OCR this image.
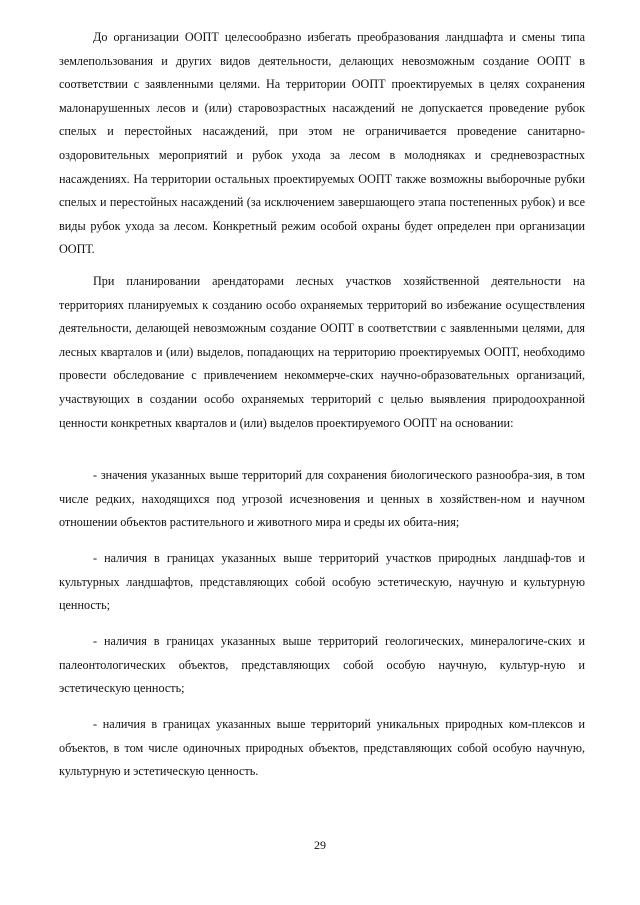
До организации ООПТ целесообразно избегать преобразования ландшафта и смены типа землепользования и других видов деятельности, делающих невозможным создание ООПТ в соответствии с заявленными целями. На территории ООПТ проектируемых в целях сохранения малонарушенных лесов и (или) старовозрастных насаждений не допускается проведение рубок спелых и перестойных насаждений, при этом не ограничивается проведение санитарно-оздоровительных мероприятий и рубок ухода за лесом в молодняках и средневозрастных насаждениях. На территории остальных проектируемых ООПТ также возможны выборочные рубки спелых и перестойных насаждений (за исключением завершающего этапа постепенных рубок) и все виды рубок ухода за лесом. Конкретный режим особой охраны будет определен при организации ООПТ.

При планировании арендаторами лесных участков хозяйственной деятельности на территориях планируемых к созданию особо охраняемых территорий во избежание осуществления деятельности, делающей невозможным создание ООПТ в соответствии с заявленными целями, для лесных кварталов и (или) выделов, попадающих на территорию проектируемых ООПТ, необходимо провести обследование с привлечением некоммерче-ских научно-образовательных организаций, участвующих в создании особо охраняемых территорий с целью выявления природоохранной ценности конкретных кварталов и (или) выделов проектируемого ООПТ на основании:

- значения указанных выше территорий для сохранения биологического разнообра-зия, в том числе редких, находящихся под угрозой исчезновения и ценных в хозяйствен-ном и научном отношении объектов растительного и животного мира и среды их обита-ния;

- наличия в границах указанных выше территорий участков природных ландшаф-тов и культурных ландшафтов, представляющих собой особую эстетическую, научную и культурную ценность;

- наличия в границах указанных выше территорий геологических, минералогиче-ских и палеонтологических объектов, представляющих собой особую научную, культур-ную и эстетическую ценность;

- наличия в границах указанных выше территорий уникальных природных ком-плексов и объектов, в том числе одиночных природных объектов, представляющих собой особую научную, культурную и эстетическую ценность.

29
